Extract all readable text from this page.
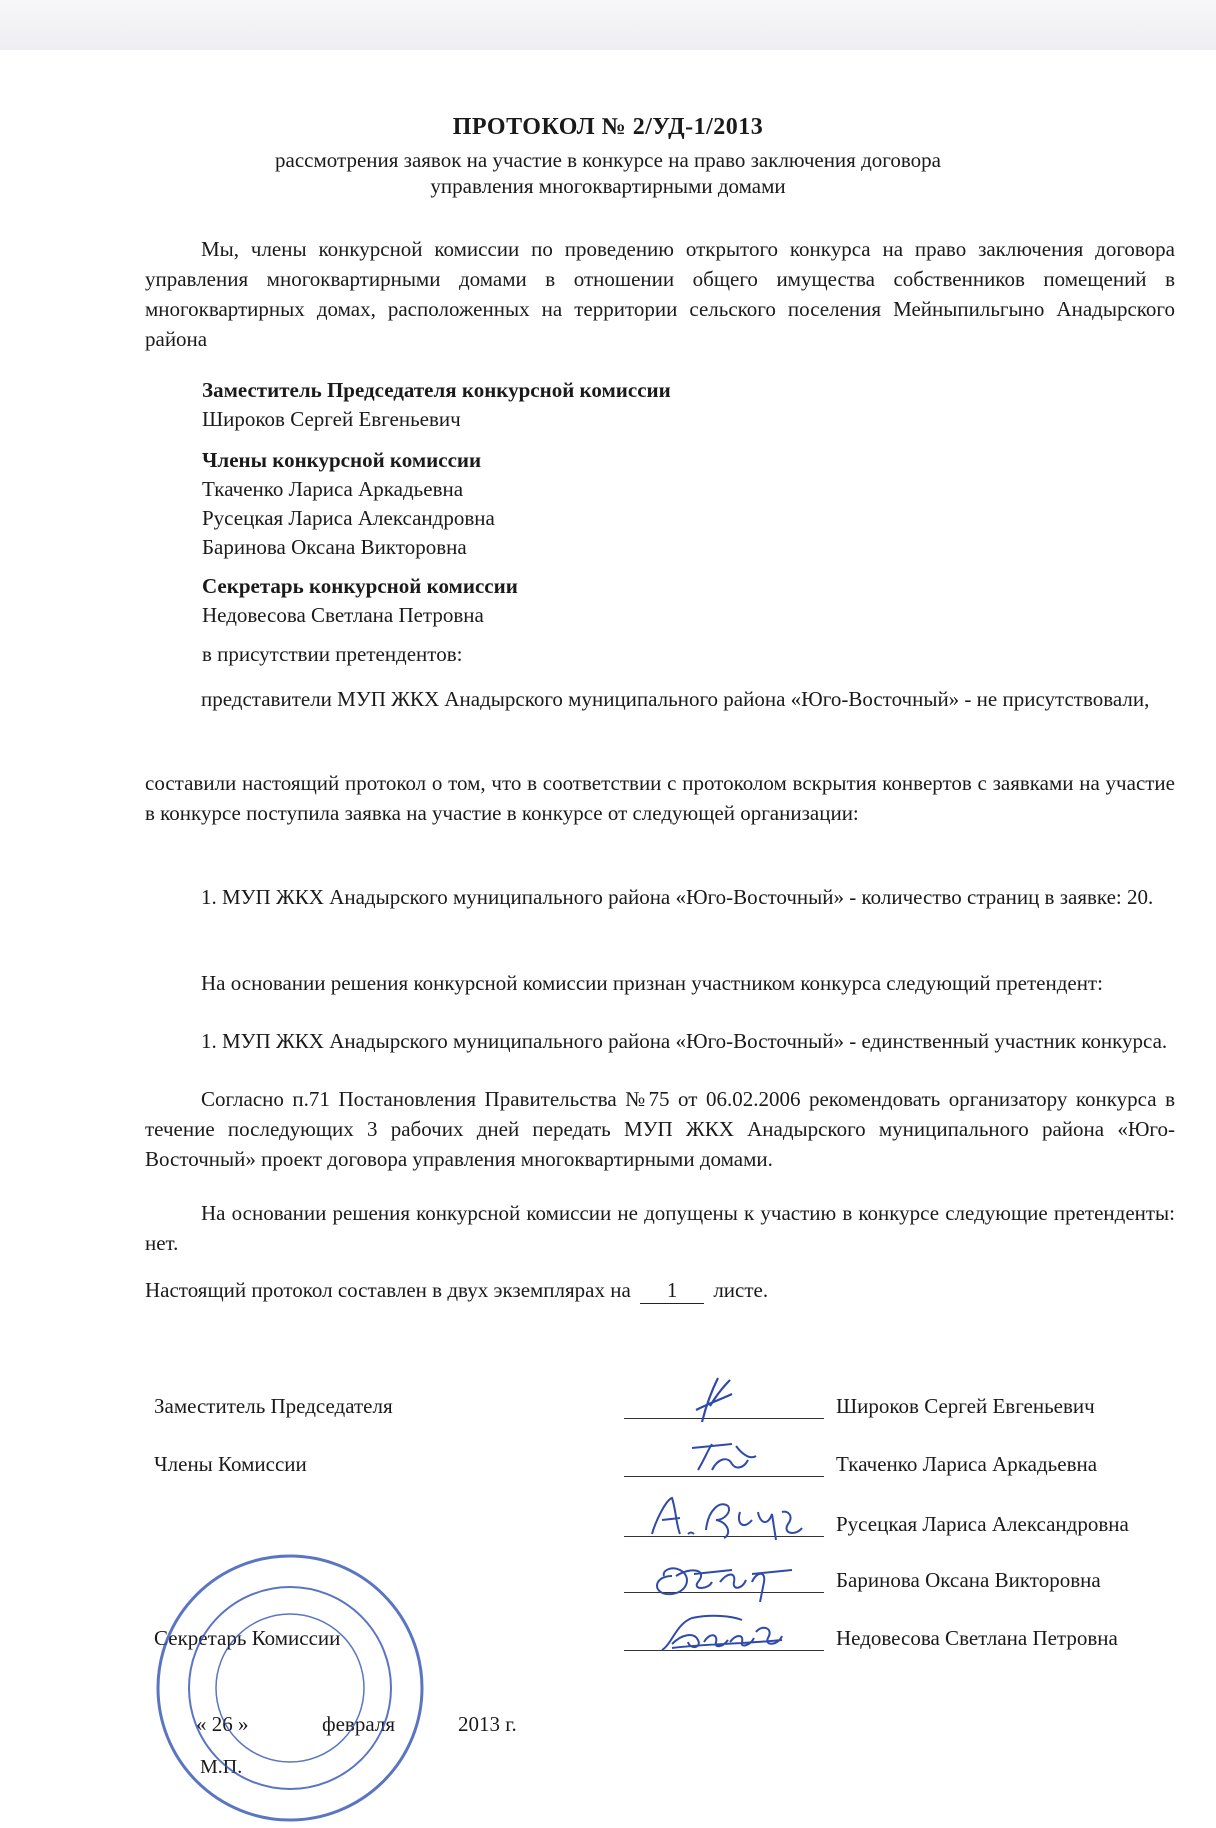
ПРОТОКОЛ № 2/УД-1/2013
рассмотрения заявок на участие в конкурсе на право заключения договора
управления многоквартирными домами
Мы, члены конкурсной комиссии по проведению открытого конкурса на право заключения договора управления многоквартирными домами в отношении общего имущества собственников помещений в многоквартирных домах, расположенных на территории сельского поселения Мейныпильгыно Анадырского района
Заместитель Председателя конкурсной комиссии
Широков Сергей Евгеньевич
Члены конкурсной комиссии
Ткаченко Лариса Аркадьевна
Русецкая Лариса Александровна
Баринова Оксана Викторовна
Секретарь конкурсной комиссии
Недовесова Светлана Петровна
в присутствии претендентов:
представители МУП ЖКХ Анадырского муниципального района «Юго-Восточный» - не присутствовали,
составили настоящий протокол о том, что в соответствии с протоколом вскрытия конвертов с заявками на участие в конкурсе поступила заявка на участие в конкурсе от следующей организации:
1. МУП ЖКХ Анадырского муниципального района «Юго-Восточный» - количество страниц в заявке: 20.
На основании решения конкурсной комиссии признан участником конкурса следующий претендент:
1. МУП ЖКХ Анадырского муниципального района «Юго-Восточный» - единственный участник конкурса.
Согласно п.71 Постановления Правительства №75 от 06.02.2006 рекомендовать организатору конкурса в течение последующих 3 рабочих дней передать МУП ЖКХ Анадырского муниципального района «Юго-Восточный» проект договора управления многоквартирными домами.
На основании решения конкурсной комиссии не допущены к участию в конкурсе следующие претенденты: нет.
Настоящий протокол составлен в двух экземплярах на 1 листе.
Заместитель Председателя	Широков Сергей Евгеньевич
Члены Комиссии	Ткаченко Лариса Аркадьевна
Русецкая Лариса Александровна
Баринова Оксана Викторовна
Секретарь Комиссии	Недовесова Светлана Петровна
« 26 »	февраля	2013 г.
М.П.
